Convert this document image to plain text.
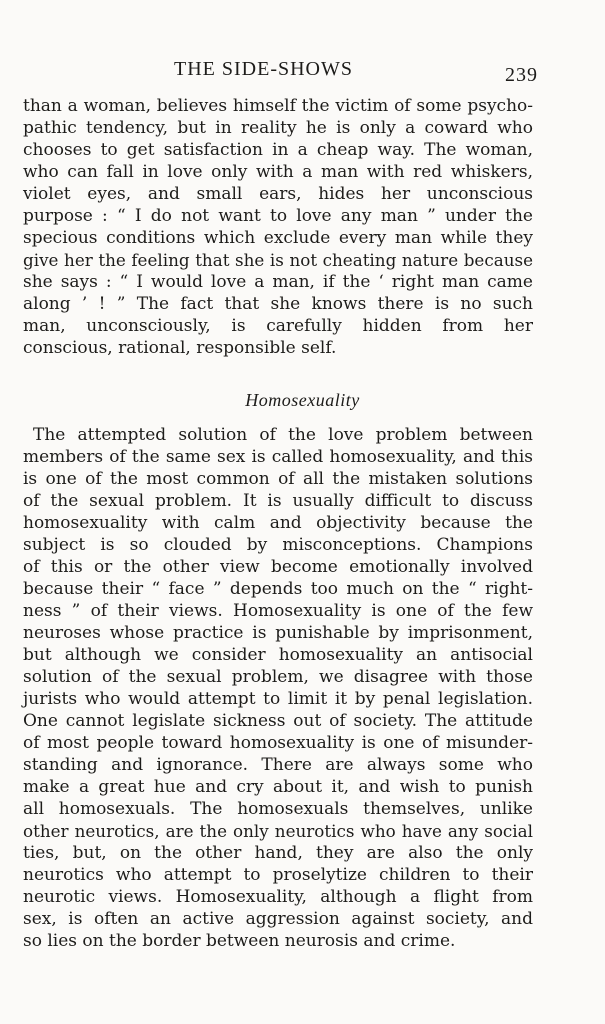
THE SIDE-SHOWS	239
than a woman, believes himself the victim of some psycho-
pathic tendency, but in reality he is only a coward who
chooses to get satisfaction in a cheap way. The woman,
who can fall in love only with a man with red whiskers,
violet eyes, and small ears, hides her unconscious
purpose : “ I do not want to love any man ” under the
specious conditions which exclude every man while they
give her the feeling that she is not cheating nature because
she says : “ I would love a man, if the ‘ right man came
along ’ ! ” The fact that she knows there is no such
man, unconsciously, is carefully hidden from her
conscious, rational, responsible self.
Homosexuality
The attempted solution of the love problem between
members of the same sex is called homosexuality, and this
is one of the most common of all the mistaken solutions
of the sexual problem. It is usually difficult to discuss
homosexuality with calm and objectivity because the
subject is so clouded by misconceptions. Champions
of this or the other view become emotionally involved
because their “ face ” depends too much on the “ right-
ness ” of their views. Homosexuality is one of the few
neuroses whose practice is punishable by imprisonment,
but although we consider homosexuality an antisocial
solution of the sexual problem, we disagree with those
jurists who would attempt to limit it by penal legislation.
One cannot legislate sickness out of society. The attitude
of most people toward homosexuality is one of misunder-
standing and ignorance. There are always some who
make a great hue and cry about it, and wish to punish
all homosexuals. The homosexuals themselves, unlike
other neurotics, are the only neurotics who have any social
ties, but, on the other hand, they are also the only
neurotics who attempt to proselytize children to their
neurotic views. Homosexuality, although a flight from
sex, is often an active aggression against society, and
so lies on the border between neurosis and crime.
